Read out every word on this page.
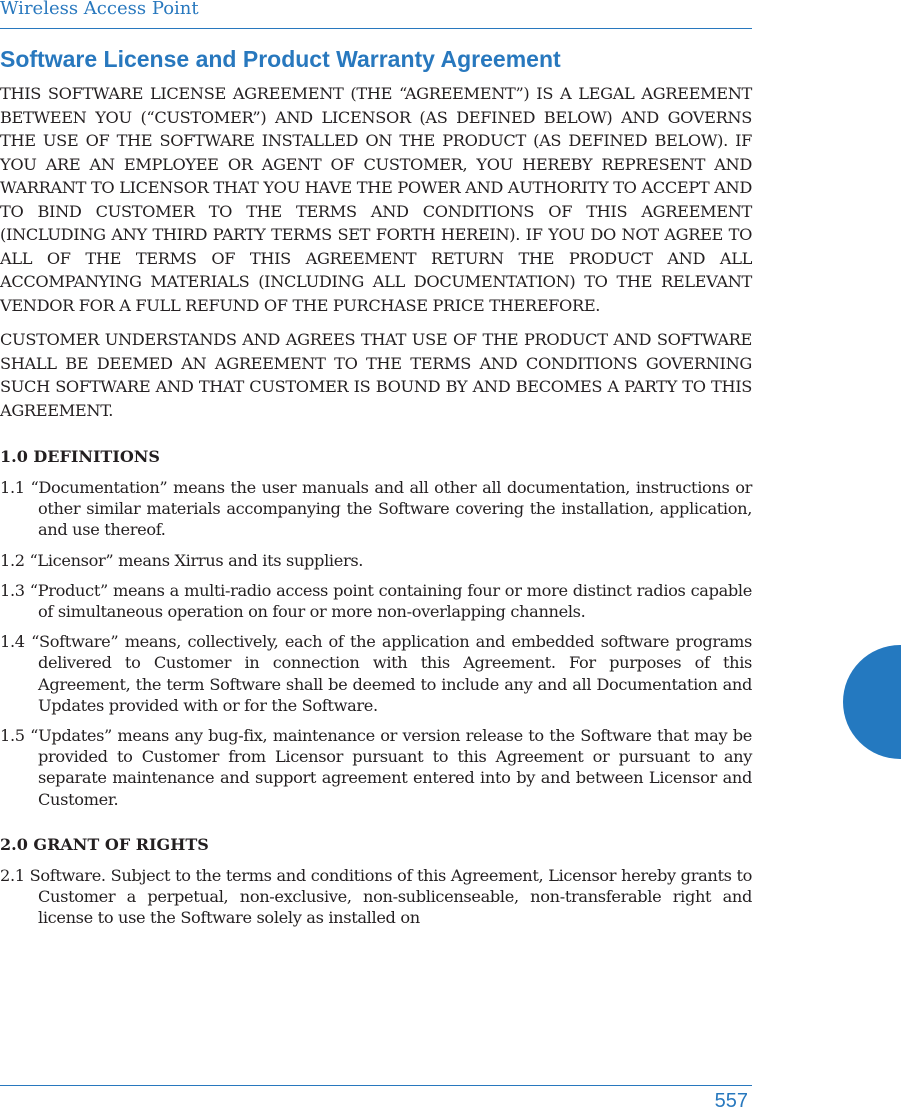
Wireless Access Point
Software License and Product Warranty Agreement

THIS SOFTWARE LICENSE AGREEMENT (THE “AGREEMENT”) IS A LEGAL AGREEMENT BETWEEN YOU (“CUSTOMER”) AND LICENSOR (AS DEFINED BELOW) AND GOVERNS THE USE OF THE SOFTWARE INSTALLED ON THE PRODUCT (AS DEFINED BELOW). IF YOU ARE AN EMPLOYEE OR AGENT OF CUSTOMER, YOU HEREBY REPRESENT AND WARRANT TO LICENSOR THAT YOU HAVE THE POWER AND AUTHORITY TO ACCEPT AND TO BIND CUSTOMER TO THE TERMS AND CONDITIONS OF THIS AGREEMENT (INCLUDING ANY THIRD PARTY TERMS SET FORTH HEREIN). IF YOU DO NOT AGREE TO ALL OF THE TERMS OF THIS AGREEMENT RETURN THE PRODUCT AND ALL ACCOMPANYING MATERIALS (INCLUDING ALL DOCUMENTATION) TO THE RELEVANT VENDOR FOR A FULL REFUND OF THE PURCHASE PRICE THEREFORE.

CUSTOMER UNDERSTANDS AND AGREES THAT USE OF THE PRODUCT AND SOFTWARE SHALL BE DEEMED AN AGREEMENT TO THE TERMS AND CONDITIONS GOVERNING SUCH SOFTWARE AND THAT CUSTOMER IS BOUND BY AND BECOMES A PARTY TO THIS AGREEMENT.

1.0 DEFINITIONS

1.1 “Documentation” means the user manuals and all other all documentation, instructions or other similar materials accompanying the Software covering the installation, application, and use thereof.

1.2 “Licensor” means Xirrus and its suppliers.

1.3 “Product” means a multi-radio access point containing four or more distinct radios capable of simultaneous operation on four or more non-overlapping channels.

1.4 “Software” means, collectively, each of the application and embedded software programs delivered to Customer in connection with this Agreement. For purposes of this Agreement, the term Software shall be deemed to include any and all Documentation and Updates provided with or for the Software.

1.5 “Updates” means any bug-fix, maintenance or version release to the Software that may be provided to Customer from Licensor pursuant to this Agreement or pursuant to any separate maintenance and support agreement entered into by and between Licensor and Customer.

2.0 GRANT OF RIGHTS

2.1 Software. Subject to the terms and conditions of this Agreement, Licensor hereby grants to Customer a perpetual, non-exclusive, non-sublicenseable, non-transferable right and license to use the Software solely as installed on

557
